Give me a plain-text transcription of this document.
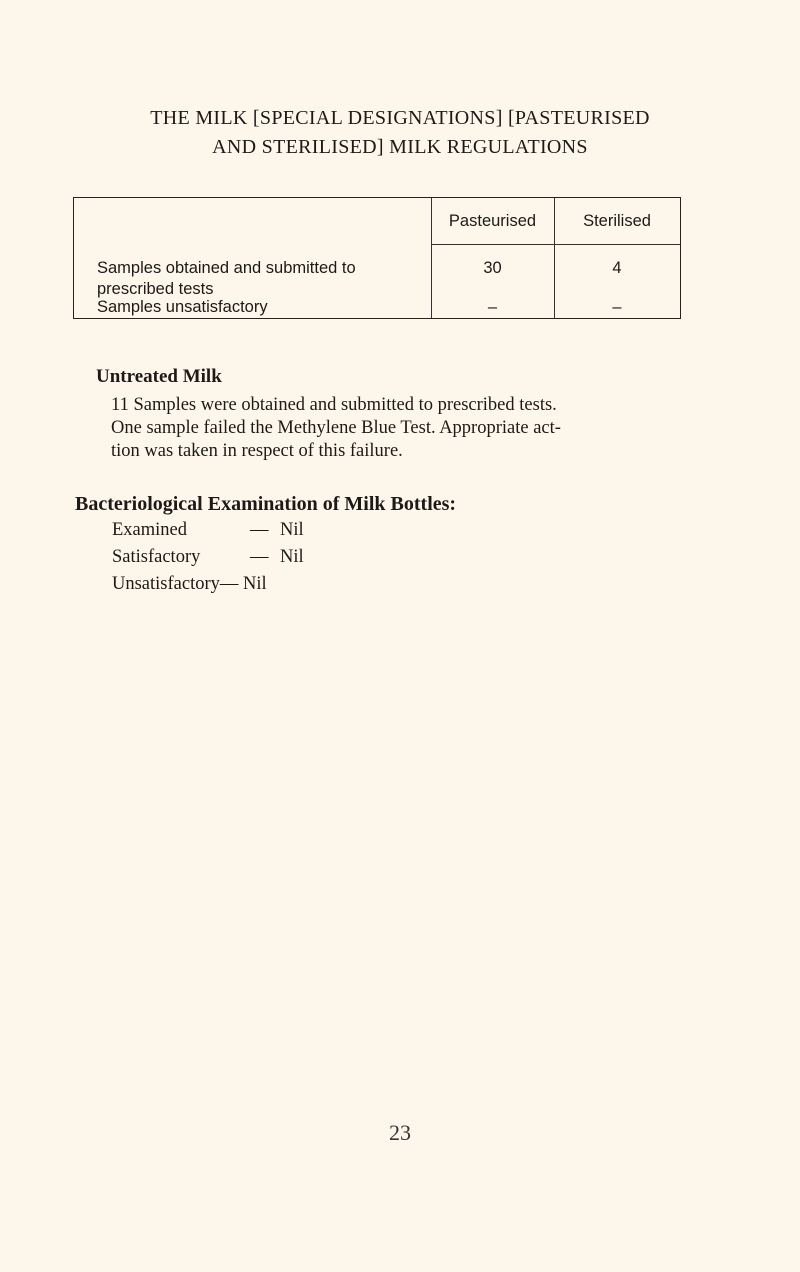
THE MILK [SPECIAL DESIGNATIONS] [PASTEURISED
AND STERILISED] MILK REGULATIONS
Pasteurised	Sterilised
Samples obtained and submitted to
prescribed tests
30	4
Samples unsatisfactory	–	–
Untreated Milk
11 Samples were obtained and submitted to prescribed tests.
One sample failed the Methylene Blue Test. Appropriate act-
tion was taken in respect of this failure.
Bacteriological Examination of Milk Bottles:
Examined	— Nil
Satisfactory	— Nil
Unsatisfactory— Nil
23
